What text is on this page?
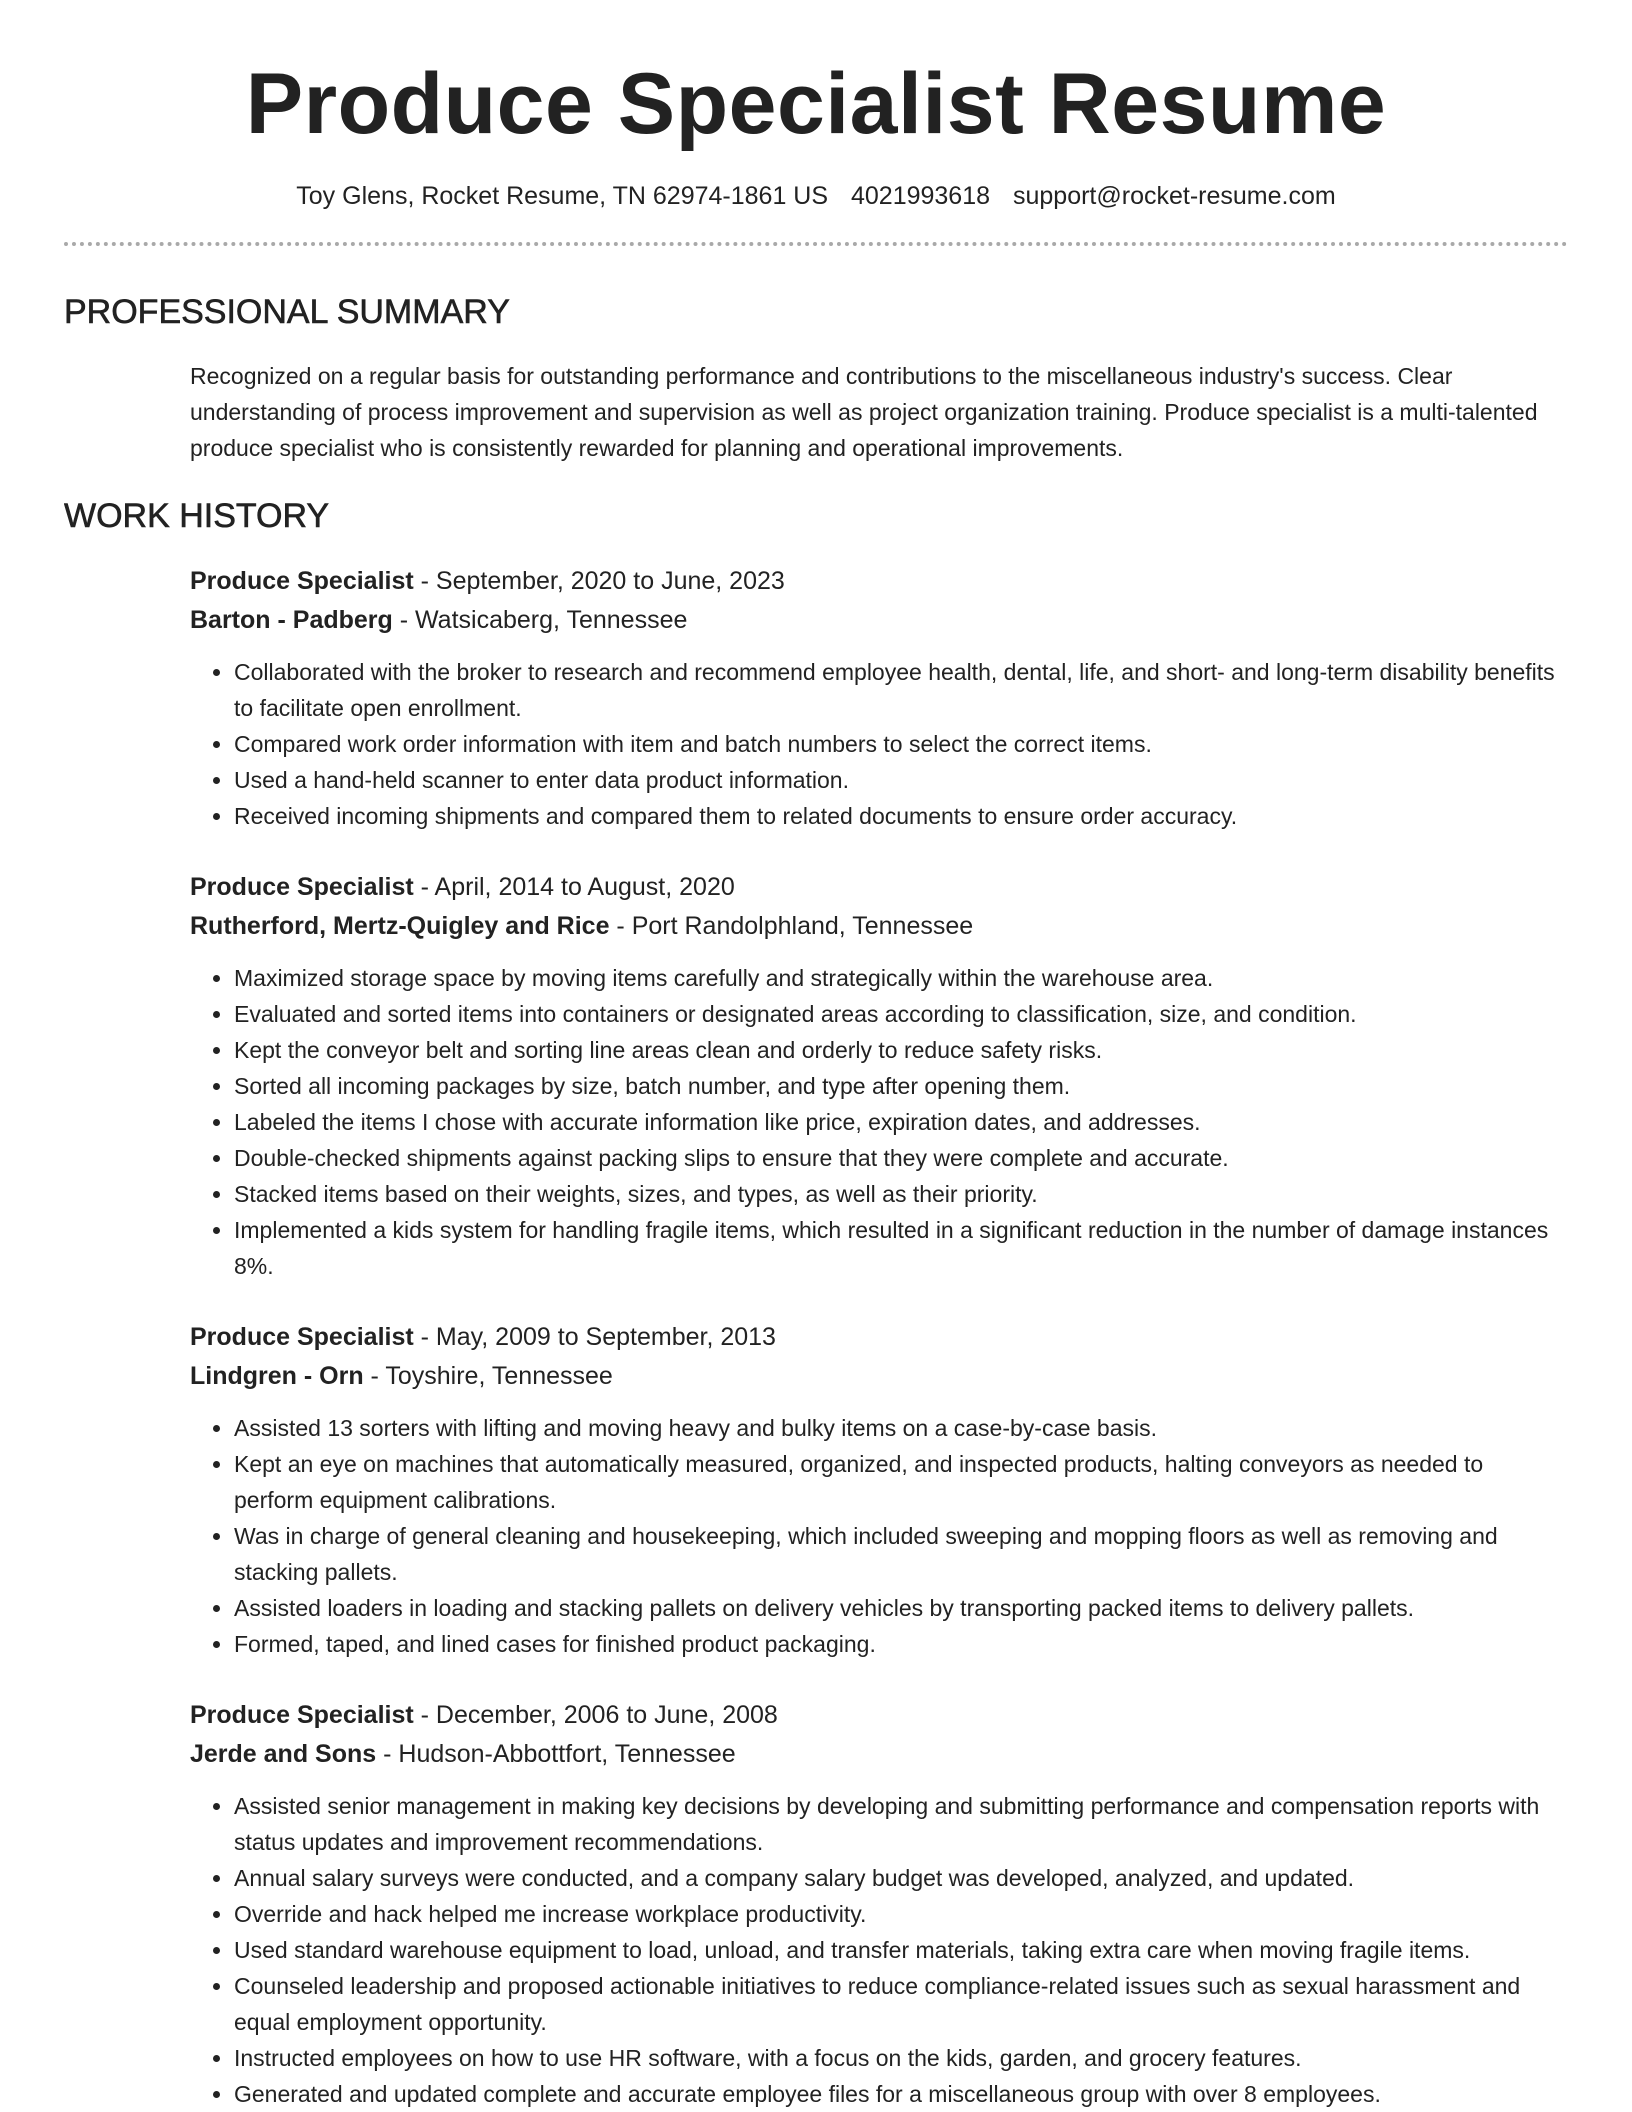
Produce Specialist Resume
Toy Glens, Rocket Resume, TN 62974-1861 US 4021993618 support@rocket-resume.com
PROFESSIONAL SUMMARY

Recognized on a regular basis for outstanding performance and contributions to the miscellaneous industry's success. Clear understanding of process improvement and supervision as well as project organization training. Produce specialist is a multi-talented produce specialist who is consistently rewarded for planning and operational improvements.

WORK HISTORY
Produce Specialist - September, 2020 to June, 2023
Barton - Padberg - Watsicaberg, Tennessee
• Collaborated with the broker to research and recommend employee health, dental, life, and short- and long-term disability benefits to facilitate open enrollment.
• Compared work order information with item and batch numbers to select the correct items.
• Used a hand-held scanner to enter data product information.
• Received incoming shipments and compared them to related documents to ensure order accuracy.
Produce Specialist - April, 2014 to August, 2020
Rutherford, Mertz-Quigley and Rice - Port Randolphland, Tennessee
• Maximized storage space by moving items carefully and strategically within the warehouse area.
• Evaluated and sorted items into containers or designated areas according to classification, size, and condition.
• Kept the conveyor belt and sorting line areas clean and orderly to reduce safety risks.
• Sorted all incoming packages by size, batch number, and type after opening them.
• Labeled the items I chose with accurate information like price, expiration dates, and addresses.
• Double-checked shipments against packing slips to ensure that they were complete and accurate.
• Stacked items based on their weights, sizes, and types, as well as their priority.
• Implemented a kids system for handling fragile items, which resulted in a significant reduction in the number of damage instances 8%.
Produce Specialist - May, 2009 to September, 2013
Lindgren - Orn - Toyshire, Tennessee
• Assisted 13 sorters with lifting and moving heavy and bulky items on a case-by-case basis.
• Kept an eye on machines that automatically measured, organized, and inspected products, halting conveyors as needed to perform equipment calibrations.
• Was in charge of general cleaning and housekeeping, which included sweeping and mopping floors as well as removing and stacking pallets.
• Assisted loaders in loading and stacking pallets on delivery vehicles by transporting packed items to delivery pallets.
• Formed, taped, and lined cases for finished product packaging.
Produce Specialist - December, 2006 to June, 2008
Jerde and Sons - Hudson-Abbottfort, Tennessee
• Assisted senior management in making key decisions by developing and submitting performance and compensation reports with status updates and improvement recommendations.
• Annual salary surveys were conducted, and a company salary budget was developed, analyzed, and updated.
• Override and hack helped me increase workplace productivity.
• Used standard warehouse equipment to load, unload, and transfer materials, taking extra care when moving fragile items.
• Counseled leadership and proposed actionable initiatives to reduce compliance-related issues such as sexual harassment and equal employment opportunity.
• Instructed employees on how to use HR software, with a focus on the kids, garden, and grocery features.
• Generated and updated complete and accurate employee files for a miscellaneous group with over 8 employees.
